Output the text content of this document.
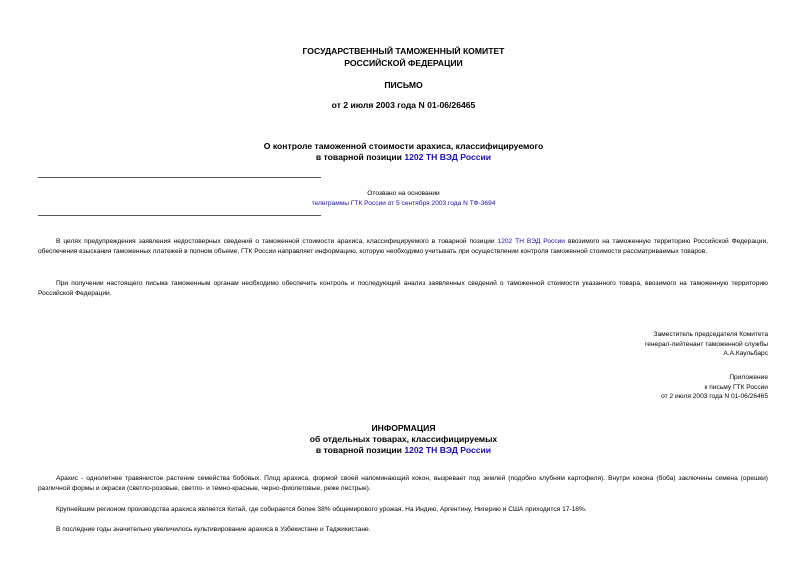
ГОСУДАРСТВЕННЫЙ ТАМОЖЕННЫЙ КОМИТЕТ
РОССИЙСКОЙ ФЕДЕРАЦИИ
ПИСЬМО
от 2 июля 2003 года N 01-06/26465
О контроле таможенной стоимости арахиса, классифицируемого
в товарной позиции 1202 ТН ВЭД России
Отозвано на основании
телеграммы ГТК России от 5 сентября 2003 года N ТФ-3694
В целях предупреждения заявления недостоверных сведений о таможенной стоимости арахиса, классифицируемого в товарной позиции 1202 ТН ВЭД России ввозимого на таможенную территорию Российской Федерации, обеспечения взыскания таможенных платежей в полном объеме, ГТК России направляет информацию, которую необходимо учитывать при осуществлении контроля таможенной стоимости рассматриваемых товаров.
При получении настоящего письма таможенным органам необходимо обеспечить контроль и последующий анализ заявленных сведений о таможенной стоимости указанного товара, ввозимого на таможенную территорию Российской Федерации.
Заместитель председателя Комитета
генерал-лейтенант таможенной службы
А.А.Каульбарс
Приложение
к письму ГТК России
от 2 июля 2003 года N 01-06/26465
ИНФОРМАЦИЯ
об отдельных товарах, классифицируемых
в товарной позиции 1202 ТН ВЭД России
Арахис - однолетнее травянистое растение семейства бобовых. Плод арахиса, формой своей напоминающий кокон, вызревает под землей (подобно клубням картофеля). Внутри кокона (боба) заключены семена (орешки) различной формы и окраски (светло-розовые, светло- и темно-красные, черно-фиолетовые, реже пестрые).
Крупнейшим регионом производства арахиса является Китай, где собирается более 38% общемирового урожая. На Индию, Аргентину, Нигерию и США приходится 17-18%.
В последние годы значительно увеличилось культивирование арахиса в Узбекистане и Таджикистане.
